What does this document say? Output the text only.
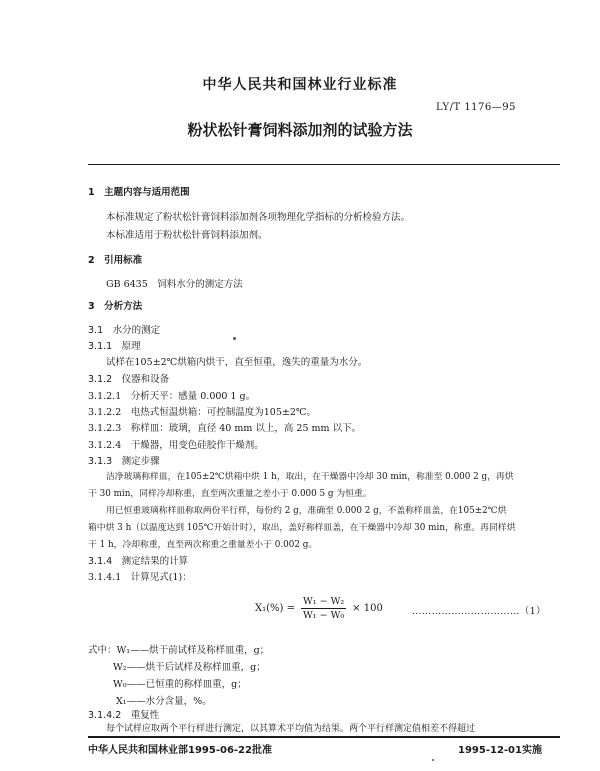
中华人民共和国林业行业标准
LY/T 1176—95
粉状松针膏饲料添加剂的试验方法
1　主题内容与适用范围
本标准规定了粉状松针膏饲料添加剂各项物理化学指标的分析检验方法。
本标准适用于粉状松针膏饲料添加剂。
2　引用标准
GB 6435　饲料水分的测定方法
3　分析方法
3.1　水分的测定
3.1.1　原理
试样在105±2℃烘箱内烘干，直至恒重，逸失的重量为水分。
3.1.2　仪器和设备
3.1.2.1　分析天平：感量 0.000 1 g。
3.1.2.2　电热式恒温烘箱：可控制温度为105±2℃。
3.1.2.3　称样皿：玻璃，直径 40 mm 以上，高 25 mm 以下。
3.1.2.4　干燥器，用变色硅胶作干燥剂。
3.1.3　测定步骤
洁净玻璃称样皿，在105±2℃烘箱中烘 1 h，取出，在干燥器中冷却 30 min，称准至 0.000 2 g，再烘
干 30 min，同样冷却称重，直至两次重量之差小于 0.000 5 g 为恒重。
用已恒重玻璃称样皿称取两份平行样，每份约 2 g，准确至 0.000 2 g，不盖称样皿盖，在105±2℃烘
箱中烘 3 h（以温度达到 105℃开始计时），取出，盖好称样皿盖，在干燥器中冷却 30 min，称重。再同样烘
干 1 h，冷却称重，直至两次称重之重量差小于 0.002 g。
3.1.4　测定结果的计算
3.1.4.1　计算见式(1)：
$X_1(\%) = \frac{\text{W₁ − W₂}}{\text{W₁ − W₀}} \times 100$	……………………………（1）
式中：W₁——烘干前试样及称样皿重，g；
W₂——烘干后试样及称样皿重，g；
W₀——已恒重的称样皿重，g；
X₁——水分含量，%。
3.1.4.2　重复性
每个试样应取两个平行样进行测定，以其算术平均值为结果。两个平行样测定值相差不得超过
中华人民共和国林业部1995-06-22批准	1995-12-01实施
